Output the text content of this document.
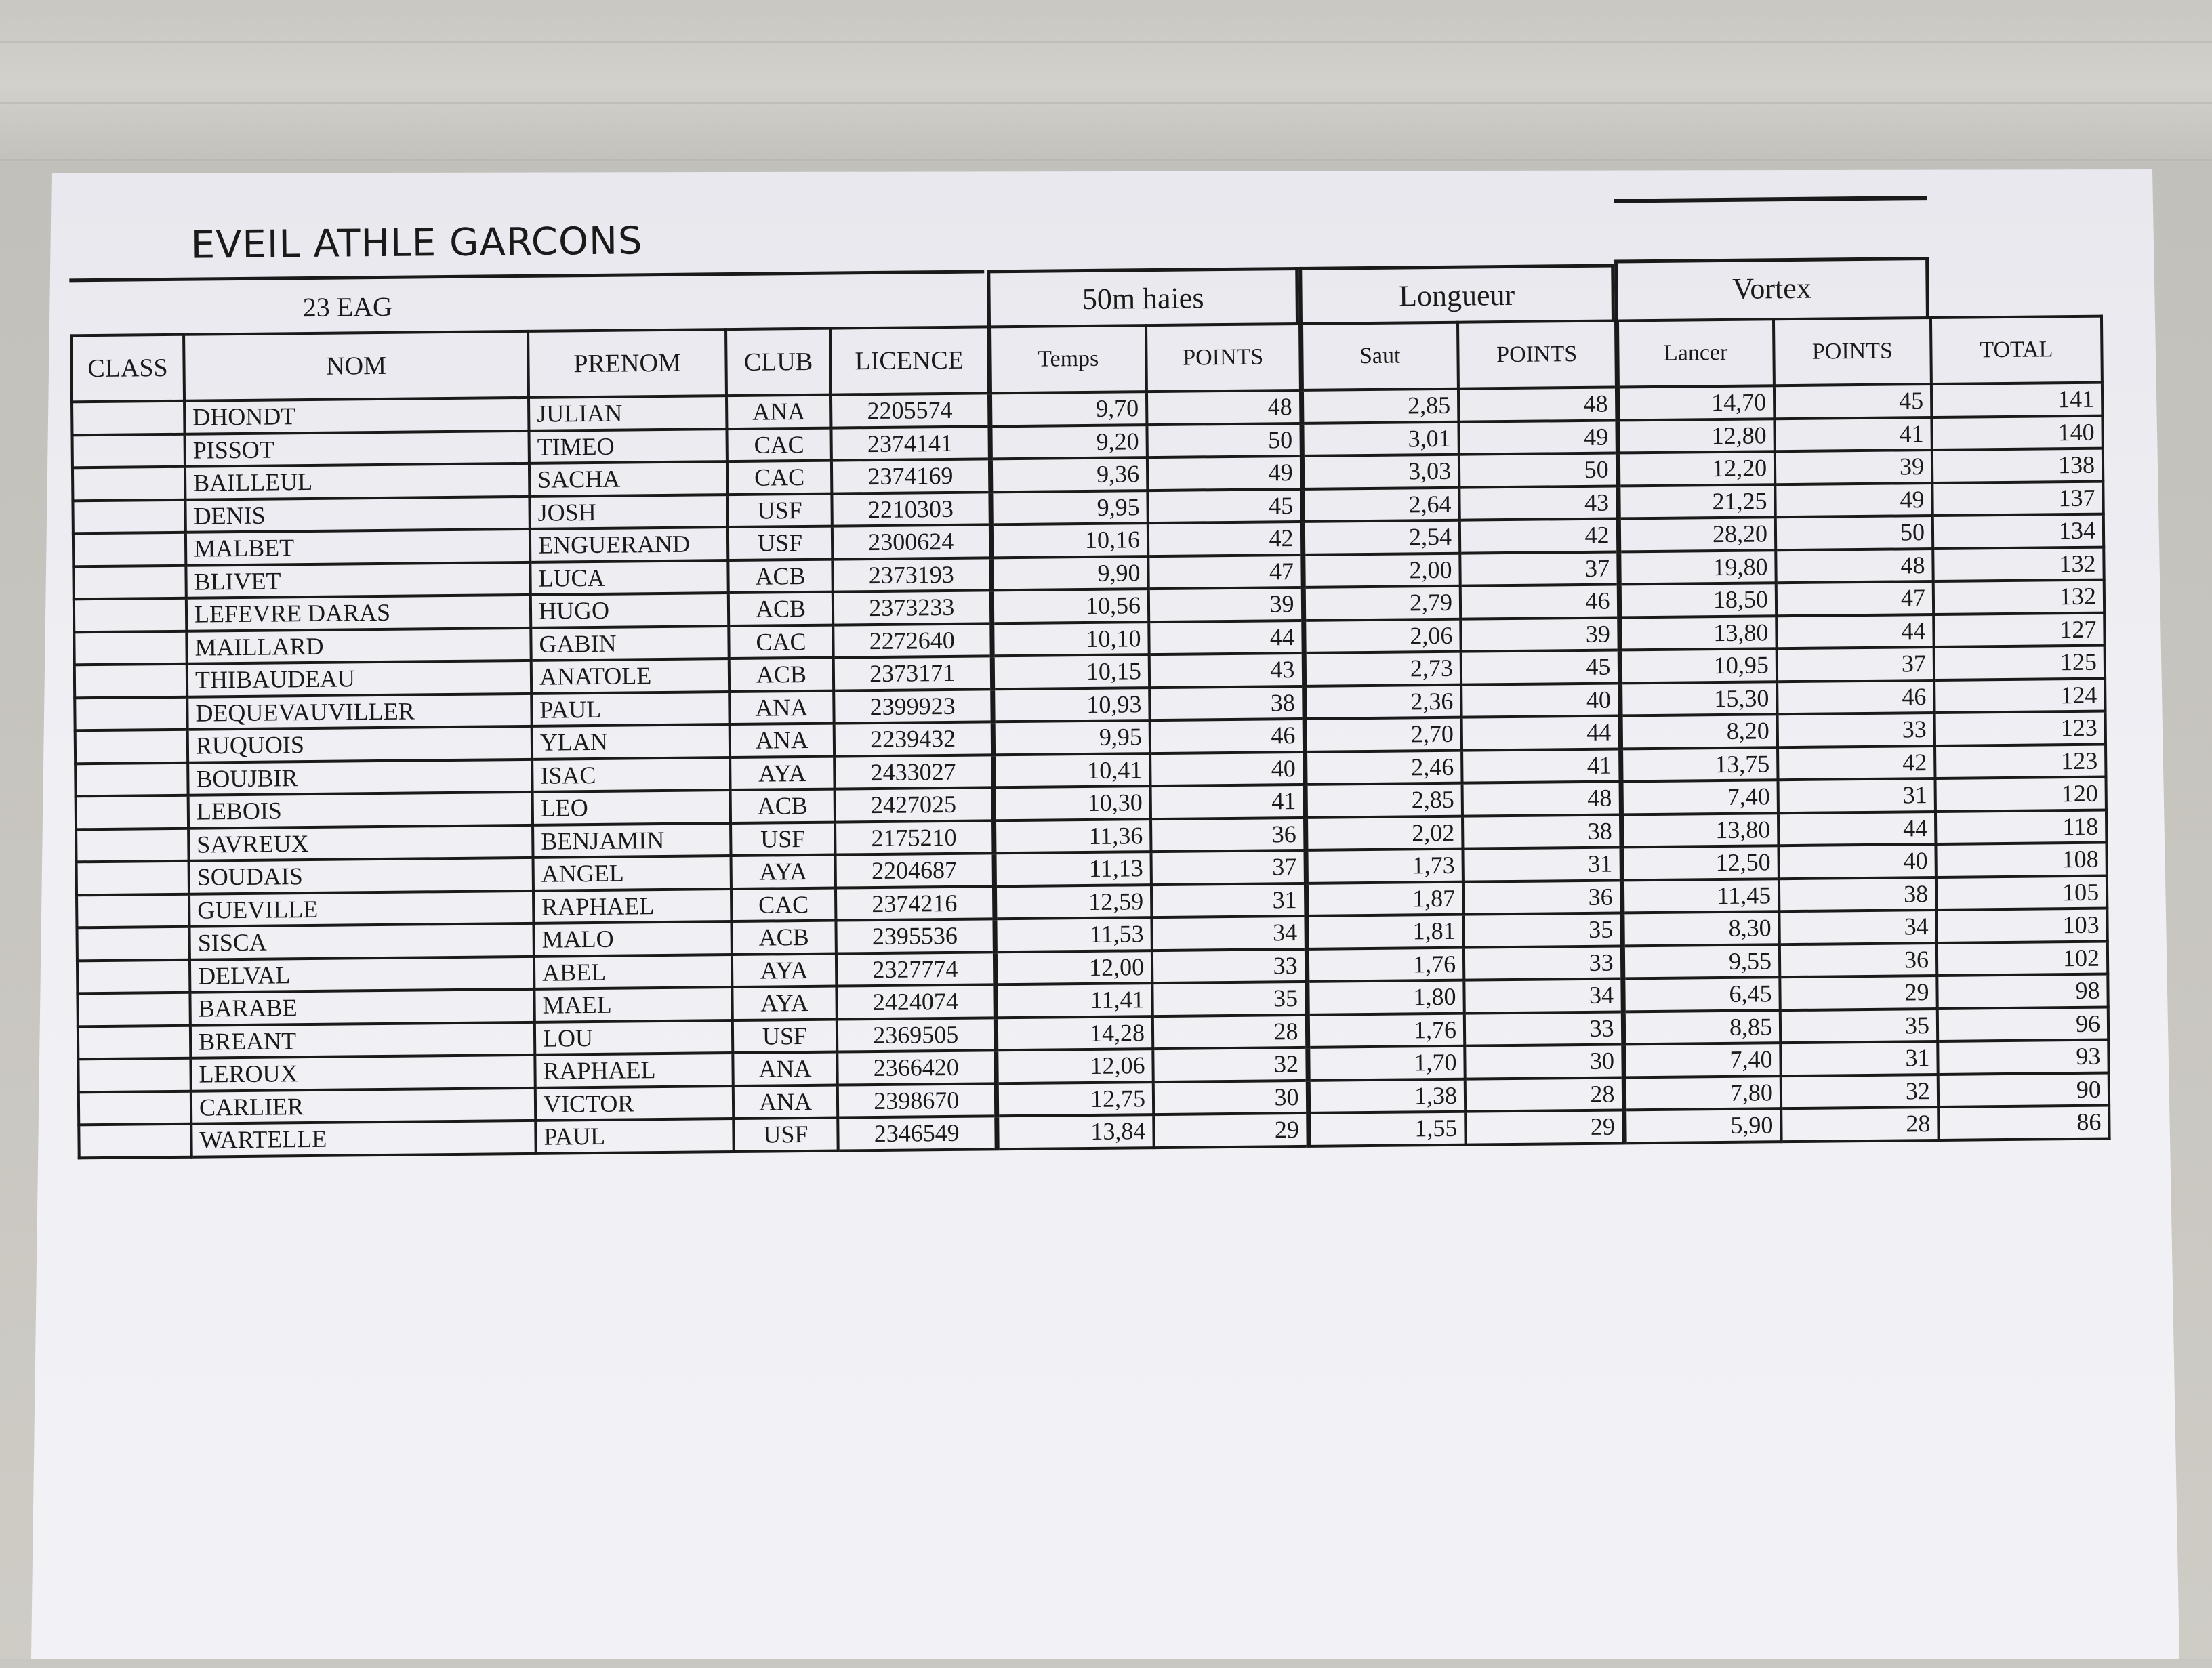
EVEIL ATHLE GARCONS
23 EAG	50m haies	Longueur	Vortex
CLASS	NOM	PRENOM	CLUB	LICENCE	Temps	POINTS	Saut	POINTS	Lancer	POINTS	TOTAL
	DHONDT	JULIAN	ANA	2205574	9,70	48	2,85	48	14,70	45	141
	PISSOT	TIMEO	CAC	2374141	9,20	50	3,01	49	12,80	41	140
	BAILLEUL	SACHA	CAC	2374169	9,36	49	3,03	50	12,20	39	138
	DENIS	JOSH	USF	2210303	9,95	45	2,64	43	21,25	49	137
	MALBET	ENGUERAND	USF	2300624	10,16	42	2,54	42	28,20	50	134
	BLIVET	LUCA	ACB	2373193	9,90	47	2,00	37	19,80	48	132
	LEFEVRE DARAS	HUGO	ACB	2373233	10,56	39	2,79	46	18,50	47	132
	MAILLARD	GABIN	CAC	2272640	10,10	44	2,06	39	13,80	44	127
	THIBAUDEAU	ANATOLE	ACB	2373171	10,15	43	2,73	45	10,95	37	125
	DEQUEVAUVILLER	PAUL	ANA	2399923	10,93	38	2,36	40	15,30	46	124
	RUQUOIS	YLAN	ANA	2239432	9,95	46	2,70	44	8,20	33	123
	BOUJBIR	ISAC	AYA	2433027	10,41	40	2,46	41	13,75	42	123
	LEBOIS	LEO	ACB	2427025	10,30	41	2,85	48	7,40	31	120
	SAVREUX	BENJAMIN	USF	2175210	11,36	36	2,02	38	13,80	44	118
	SOUDAIS	ANGEL	AYA	2204687	11,13	37	1,73	31	12,50	40	108
	GUEVILLE	RAPHAEL	CAC	2374216	12,59	31	1,87	36	11,45	38	105
	SISCA	MALO	ACB	2395536	11,53	34	1,81	35	8,30	34	103
	DELVAL	ABEL	AYA	2327774	12,00	33	1,76	33	9,55	36	102
	BARABE	MAEL	AYA	2424074	11,41	35	1,80	34	6,45	29	98
	BREANT	LOU	USF	2369505	14,28	28	1,76	33	8,85	35	96
	LEROUX	RAPHAEL	ANA	2366420	12,06	32	1,70	30	7,40	31	93
	CARLIER	VICTOR	ANA	2398670	12,75	30	1,38	28	7,80	32	90
	WARTELLE	PAUL	USF	2346549	13,84	29	1,55	29	5,90	28	86
